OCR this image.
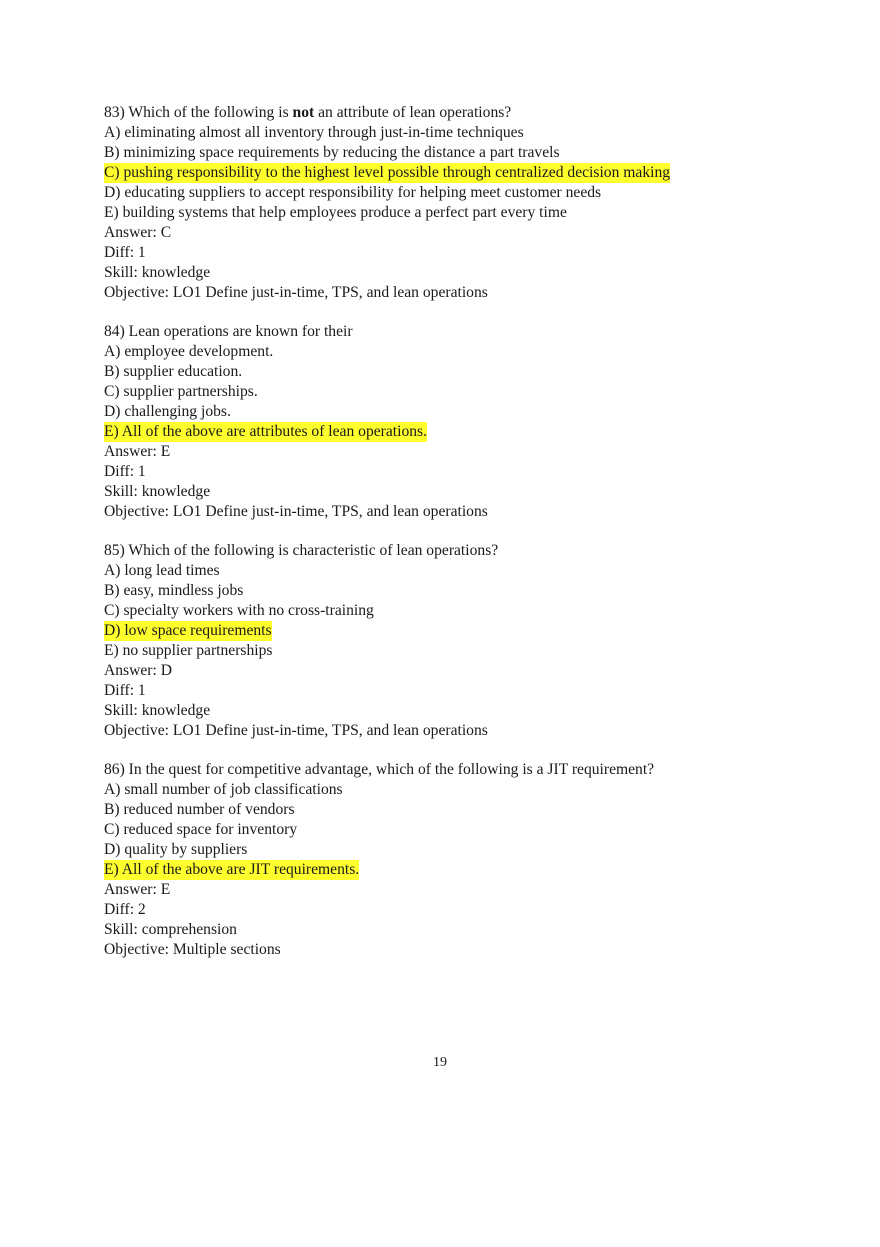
83) Which of the following is not an attribute of lean operations?
A) eliminating almost all inventory through just-in-time techniques
B) minimizing space requirements by reducing the distance a part travels
C) pushing responsibility to the highest level possible through centralized decision making
D) educating suppliers to accept responsibility for helping meet customer needs
E) building systems that help employees produce a perfect part every time
Answer: C
Diff: 1
Skill: knowledge
Objective: LO1 Define just-in-time, TPS, and lean operations
84) Lean operations are known for their
A) employee development.
B) supplier education.
C) supplier partnerships.
D) challenging jobs.
E) All of the above are attributes of lean operations.
Answer: E
Diff: 1
Skill: knowledge
Objective: LO1 Define just-in-time, TPS, and lean operations
85) Which of the following is characteristic of lean operations?
A) long lead times
B) easy, mindless jobs
C) specialty workers with no cross-training
D) low space requirements
E) no supplier partnerships
Answer: D
Diff: 1
Skill: knowledge
Objective: LO1 Define just-in-time, TPS, and lean operations
86) In the quest for competitive advantage, which of the following is a JIT requirement?
A) small number of job classifications
B) reduced number of vendors
C) reduced space for inventory
D) quality by suppliers
E) All of the above are JIT requirements.
Answer: E
Diff: 2
Skill: comprehension
Objective: Multiple sections
19
